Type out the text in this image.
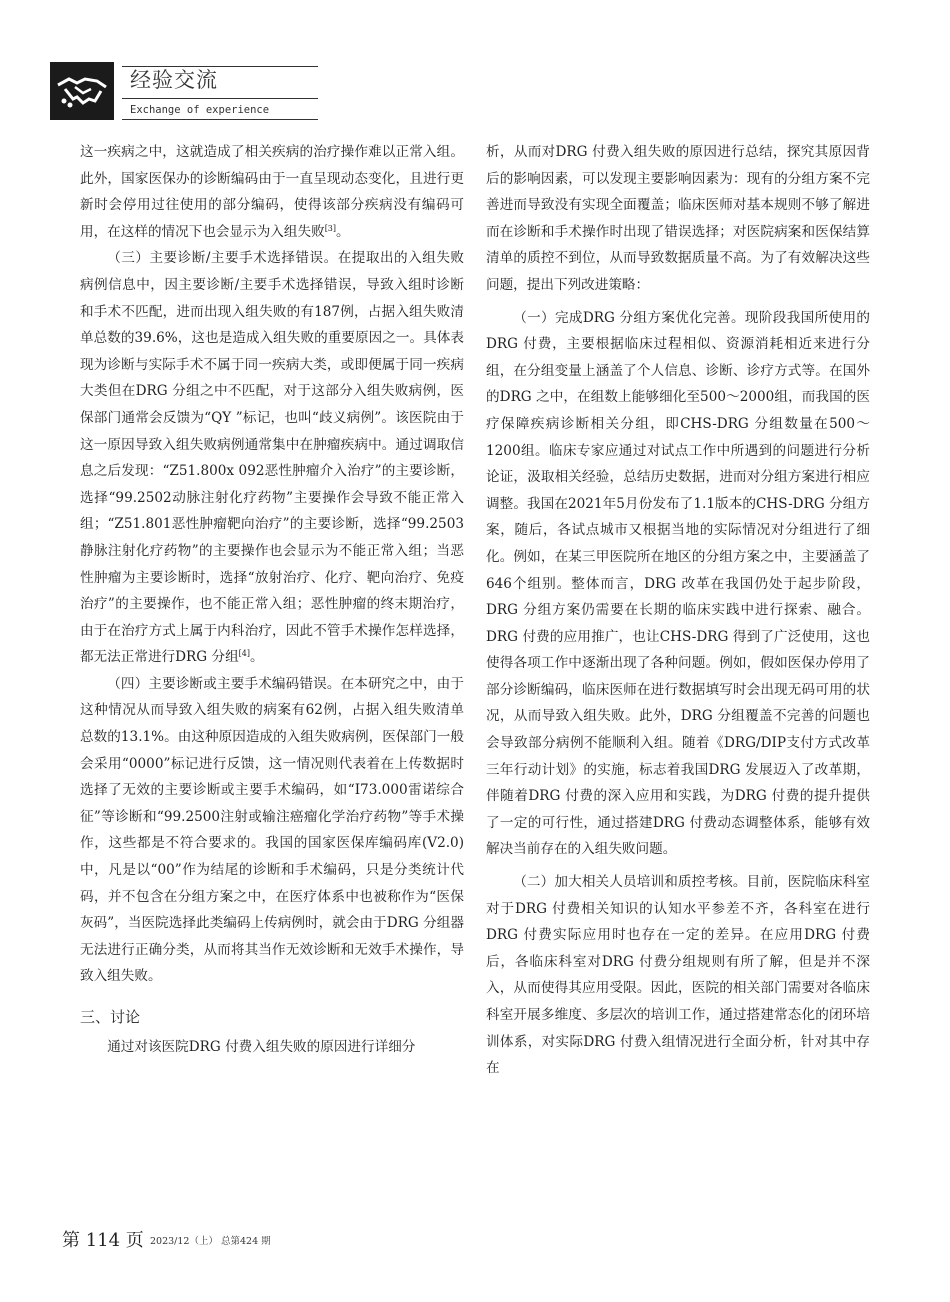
经验交流
Exchange of experience

这一疾病之中，这就造成了相关疾病的治疗操作难以正常入组。此外，国家医保办的诊断编码由于一直呈现动态变化，且进行更新时会停用过往使用的部分编码，使得该部分疾病没有编码可用，在这样的情况下也会显示为入组失败[3]。

（三）主要诊断/主要手术选择错误。在提取出的入组失败病例信息中，因主要诊断/主要手术选择错误，导致入组时诊断和手术不匹配，进而出现入组失败的有187例，占据入组失败清单总数的39.6%，这也是造成入组失败的重要原因之一。具体表现为诊断与实际手术不属于同一疾病大类，或即便属于同一疾病大类但在DRG 分组之中不匹配，对于这部分入组失败病例，医保部门通常会反馈为“QY ”标记，也叫“歧义病例”。该医院由于这一原因导致入组失败病例通常集中在肿瘤疾病中。通过调取信息之后发现：“Z51.800x 092恶性肿瘤介入治疗”的主要诊断，选择“99.2502动脉注射化疗药物”主要操作会导致不能正常入组；“Z51.801恶性肿瘤靶向治疗”的主要诊断，选择“99.2503静脉注射化疗药物”的主要操作也会显示为不能正常入组；当恶性肿瘤为主要诊断时，选择“放射治疗、化疗、靶向治疗、免疫治疗”的主要操作，也不能正常入组；恶性肿瘤的终末期治疗，由于在治疗方式上属于内科治疗，因此不管手术操作怎样选择，都无法正常进行DRG 分组[4]。

（四）主要诊断或主要手术编码错误。在本研究之中，由于这种情况从而导致入组失败的病案有62例，占据入组失败清单总数的13.1%。由这种原因造成的入组失败病例，医保部门一般会采用“0000”标记进行反馈，这一情况则代表着在上传数据时选择了无效的主要诊断或主要手术编码，如“I73.000雷诺综合征”等诊断和“99.2500注射或输注癌瘤化学治疗药物”等手术操作，这些都是不符合要求的。我国的国家医保库编码库(V2.0) 中，凡是以“00”作为结尾的诊断和手术编码，只是分类统计代码，并不包含在分组方案之中，在医疗体系中也被称作为“医保灰码”，当医院选择此类编码上传病例时，就会由于DRG 分组器无法进行正确分类，从而将其当作无效诊断和无效手术操作，导致入组失败。

三、讨论

通过对该医院DRG 付费入组失败的原因进行详细分

析，从而对DRG 付费入组失败的原因进行总结，探究其原因背后的影响因素，可以发现主要影响因素为：现有的分组方案不完善进而导致没有实现全面覆盖；临床医师对基本规则不够了解进而在诊断和手术操作时出现了错误选择；对医院病案和医保结算清单的质控不到位，从而导致数据质量不高。为了有效解决这些问题，提出下列改进策略：

（一）完成DRG 分组方案优化完善。现阶段我国所使用的DRG 付费，主要根据临床过程相似、资源消耗相近来进行分组，在分组变量上涵盖了个人信息、诊断、诊疗方式等。在国外的DRG 之中，在组数上能够细化至500～2000组，而我国的医疗保障疾病诊断相关分组，即CHS-DRG 分组数量在500～1200组。临床专家应通过对试点工作中所遇到的问题进行分析论证，汲取相关经验，总结历史数据，进而对分组方案进行相应调整。我国在2021年5月份发布了1.1版本的CHS-DRG 分组方案，随后，各试点城市又根据当地的实际情况对分组进行了细化。例如，在某三甲医院所在地区的分组方案之中，主要涵盖了646个组别。整体而言，DRG 改革在我国仍处于起步阶段，DRG 分组方案仍需要在长期的临床实践中进行探索、融合。DRG 付费的应用推广，也让CHS-DRG 得到了广泛使用，这也使得各项工作中逐渐出现了各种问题。例如，假如医保办停用了部分诊断编码，临床医师在进行数据填写时会出现无码可用的状况，从而导致入组失败。此外，DRG 分组覆盖不完善的问题也会导致部分病例不能顺利入组。随着《DRG/DIP支付方式改革三年行动计划》的实施，标志着我国DRG 发展迈入了改革期，伴随着DRG 付费的深入应用和实践，为DRG 付费的提升提供了一定的可行性，通过搭建DRG 付费动态调整体系，能够有效解决当前存在的入组失败问题。

（二）加大相关人员培训和质控考核。目前，医院临床科室对于DRG 付费相关知识的认知水平参差不齐，各科室在进行DRG 付费实际应用时也存在一定的差异。在应用DRG 付费后，各临床科室对DRG 付费分组规则有所了解，但是并不深入，从而使得其应用受限。因此，医院的相关部门需要对各临床科室开展多维度、多层次的培训工作，通过搭建常态化的闭环培训体系，对实际DRG 付费入组情况进行全面分析，针对其中存在

第 114 页 2023/12（上） 总第424 期
